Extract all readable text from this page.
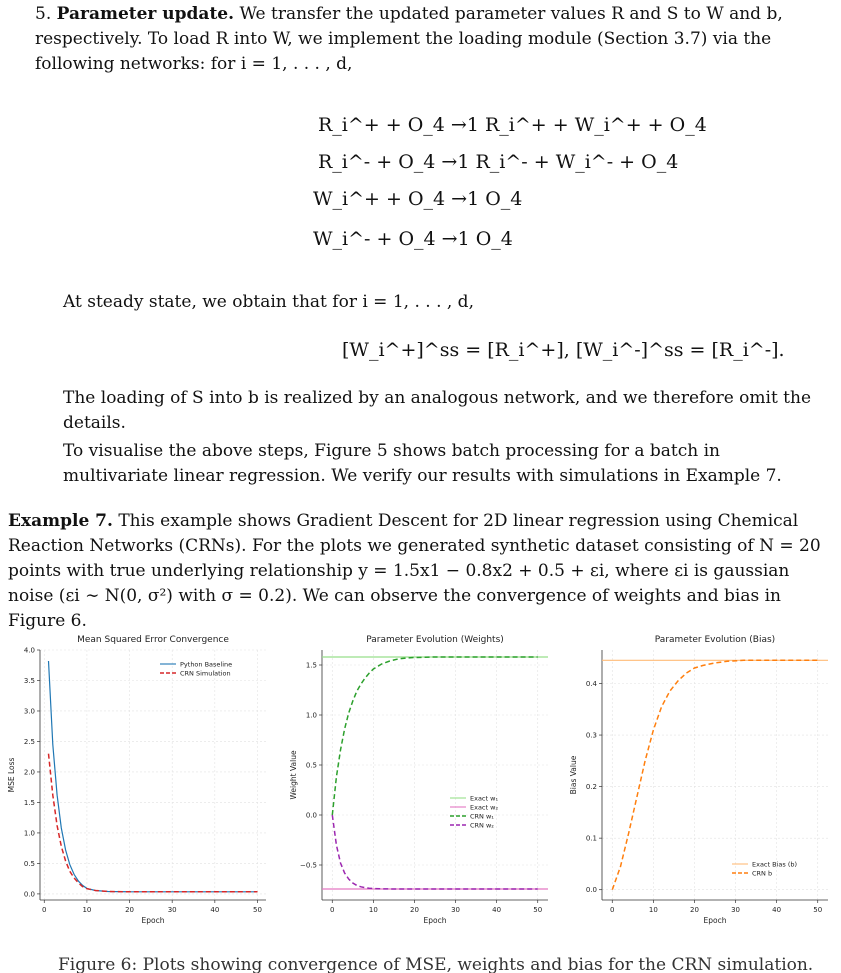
5. Parameter update. We transfer the updated parameter values R and S to W and b, respectively. To load R into W, we implement the loading module (Section 3.7) via the following networks: for i = 1, . . . , d,
R_i^+ + O_4 →1 R_i^+ + W_i^+ + O_4
R_i^- + O_4 →1 R_i^- + W_i^- + O_4
W_i^+ + O_4 →1 O_4
W_i^- + O_4 →1 O_4
At steady state, we obtain that for i = 1, . . . , d,
[W_i^+]^ss = [R_i^+], [W_i^-]^ss = [R_i^-].
The loading of S into b is realized by an analogous network, and we therefore omit the details.
To visualise the above steps, Figure 5 shows batch processing for a batch in multivariate linear regression. We verify our results with simulations in Example 7.
Example 7. This example shows Gradient Descent for 2D linear regression using Chemical Reaction Networks (CRNs). For the plots we generated synthetic dataset consisting of N = 20 points with true underlying relationship y = 1.5x1 − 0.8x2 + 0.5 + εi, where εi is gaussian noise (εi ∼ N(0, σ²) with σ = 0.2). We can observe the convergence of weights and bias in Figure 6.
Mean Squared Error Convergence
0	10	20	30	40	50
0.0
0.5
1.0
1.5
2.0
2.5
3.0
3.5
4.0
Epoch
MSE Loss
Python Baseline
CRN Simulation
Parameter Evolution (Weights)
0	10	20	30	40	50
−0.5
0.0
0.5
1.0
1.5
Epoch
Weight Value	Exact w₁
Exact w₂
CRN w₁
CRN w₂
Parameter Evolution (Bias)
0	10	20	30	40	50
0.0
0.1
0.2
0.3
0.4
Epoch
Bias Value
Exact Bias (b)
CRN b
Figure 6: Plots showing convergence of MSE, weights and bias for the CRN simulation.
